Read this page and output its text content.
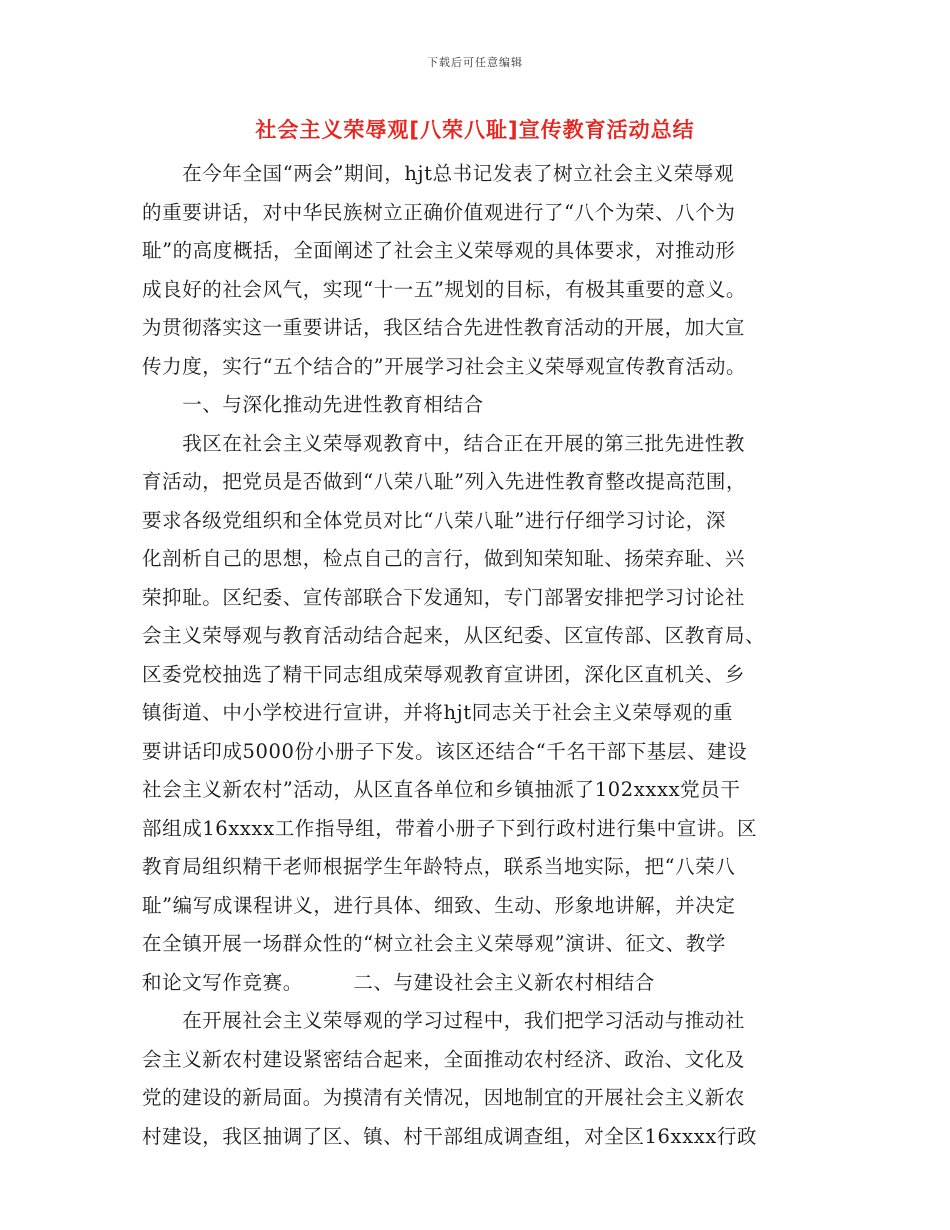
下载后可任意编辑
社会主义荣辱观[八荣八耻]宣传教育活动总结
　　在今年全国“两会”期间，hjt总书记发表了树立社会主义荣辱观
的重要讲话，对中华民族树立正确价值观进行了“八个为荣、八个为
耻”的高度概括，全面阐述了社会主义荣辱观的具体要求，对推动形
成良好的社会风气，实现“十一五”规划的目标，有极其重要的意义。
为贯彻落实这一重要讲话，我区结合先进性教育活动的开展，加大宣
传力度，实行“五个结合的”开展学习社会主义荣辱观宣传教育活动。
　　一、与深化推动先进性教育相结合
　　我区在社会主义荣辱观教育中，结合正在开展的第三批先进性教
育活动，把党员是否做到“八荣八耻”列入先进性教育整改提高范围，
要求各级党组织和全体党员对比“八荣八耻”进行仔细学习讨论，深
化剖析自己的思想，检点自己的言行，做到知荣知耻、扬荣弃耻、兴
荣抑耻。区纪委、宣传部联合下发通知，专门部署安排把学习讨论社
会主义荣辱观与教育活动结合起来，从区纪委、区宣传部、区教育局、
区委党校抽选了精干同志组成荣辱观教育宣讲团，深化区直机关、乡
镇街道、中小学校进行宣讲，并将hjt同志关于社会主义荣辱观的重
要讲话印成5000份小册子下发。该区还结合“千名干部下基层、建设
社会主义新农村”活动，从区直各单位和乡镇抽派了102xxxx党员干
部组成16xxxx工作指导组，带着小册子下到行政村进行集中宣讲。区
教育局组织精干老师根据学生年龄特点，联系当地实际，把“八荣八
耻”编写成课程讲义，进行具体、细致、生动、形象地讲解，并决定
在全镇开展一场群众性的“树立社会主义荣辱观”演讲、征文、教学
和论文写作竞赛。　　　二、与建设社会主义新农村相结合
　　在开展社会主义荣辱观的学习过程中，我们把学习活动与推动社
会主义新农村建设紧密结合起来，全面推动农村经济、政治、文化及
党的建设的新局面。为摸清有关情况，因地制宜的开展社会主义新农
村建设，我区抽调了区、镇、村干部组成调查组，对全区16xxxx行政
